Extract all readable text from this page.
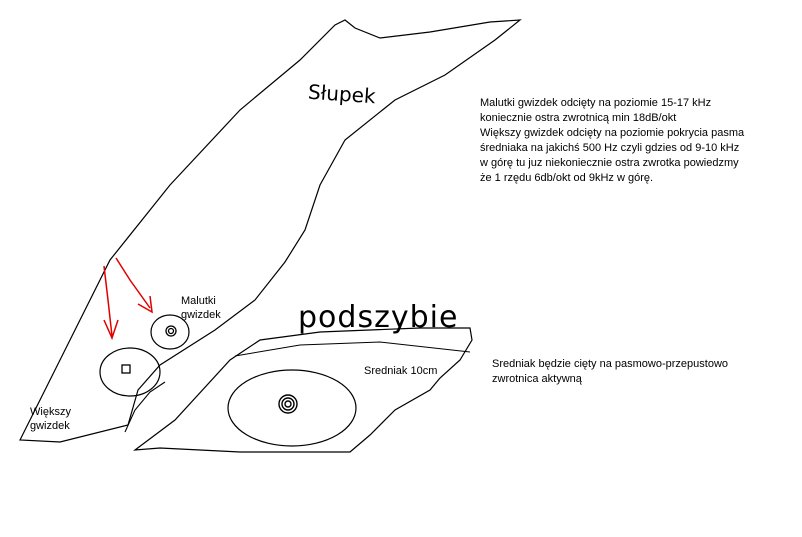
Słupek
podszybie
Malutki
gwizdek
Większy
gwizdek
Sredniak 10cm
Malutki gwizdek odcięty na poziomie 15-17 kHz
koniecznie ostra zwrotnicą min 18dB/okt
Większy gwizdek odcięty na poziomie pokrycia pasma
średniaka na jakichś 500 Hz czyli gdzies od 9-10 kHz
w górę tu juz niekoniecznie ostra zwrotka powiedzmy
że 1 rzędu 6db/okt od 9kHz w górę.
Sredniak będzie cięty na pasmowo-przepustowo
zwrotnica aktywną
